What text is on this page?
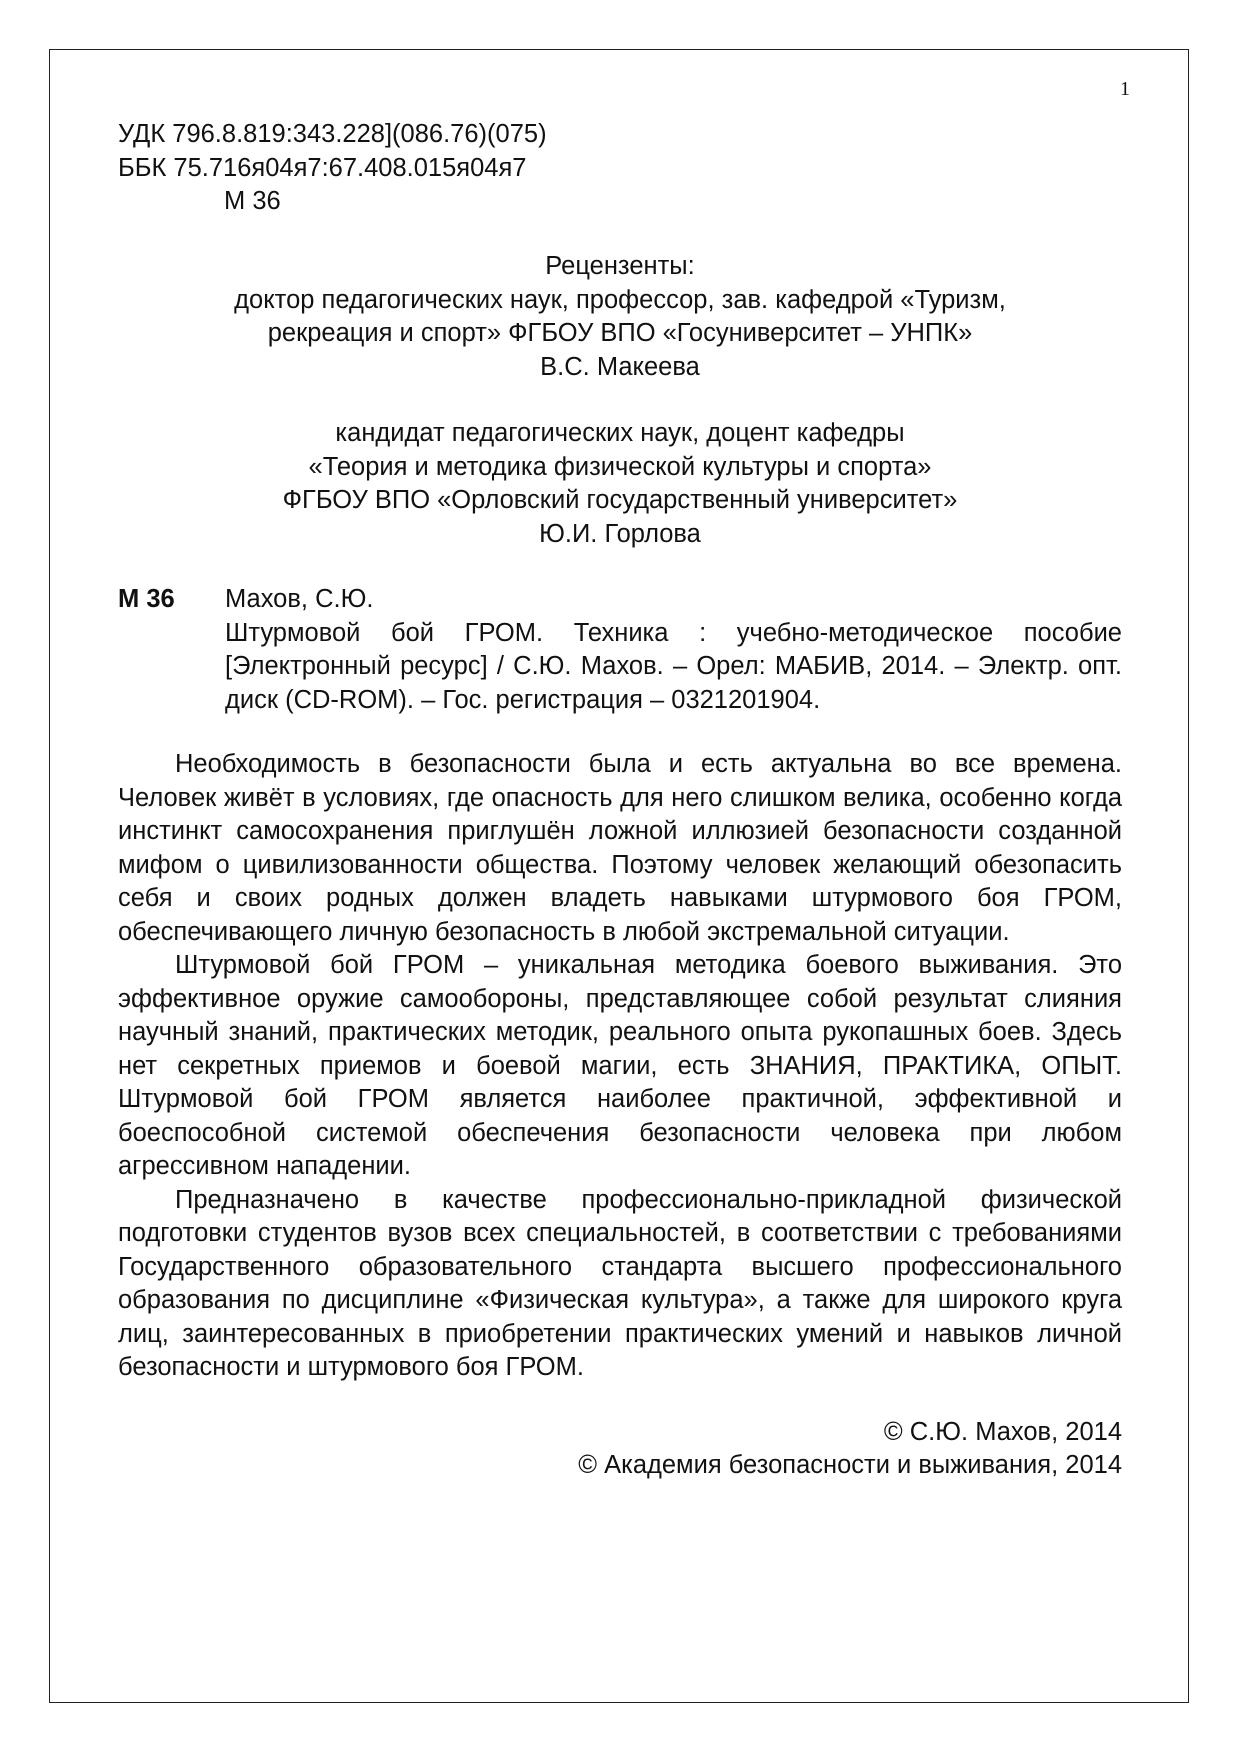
1
УДК 796.8.819:343.228](086.76)(075)
ББК 75.716я04я7:67.408.015я04я7
М 36
Рецензенты:
доктор педагогических наук, профессор, зав. кафедрой «Туризм,
рекреация и спорт» ФГБОУ ВПО «Госуниверситет – УНПК»
В.С. Макеева
кандидат педагогических наук, доцент кафедры
«Теория и методика физической культуры и спорта»
ФГБОУ ВПО «Орловский государственный университет»
Ю.И. Горлова
М 36	Махов, С.Ю.
Штурмовой бой ГРОМ. Техника : учебно-методическое пособие [Электронный ресурс] / С.Ю. Махов. – Орел: МАБИВ, 2014. – Электр. опт. диск (CD-ROM). – Гос. регистрация – 0321201904.
Необходимость в безопасности была и есть актуальна во все времена. Человек живёт в условиях, где опасность для него слишком велика, особенно когда инстинкт самосохранения приглушён ложной иллюзией безопасности созданной мифом о цивилизованности общества. Поэтому человек желающий обезопасить себя и своих родных должен владеть навыками штурмового боя ГРОМ, обеспечивающего личную безопасность в любой экстремальной ситуации.
Штурмовой бой ГРОМ – уникальная методика боевого выживания. Это эффективное оружие самообороны, представляющее собой результат слияния научный знаний, практических методик, реального опыта рукопашных боев. Здесь нет секретных приемов и боевой магии, есть ЗНАНИЯ, ПРАКТИКА, ОПЫТ. Штурмовой бой ГРОМ является наиболее практичной, эффективной и боеспособной системой обеспечения безопасности человека при любом агрессивном нападении.
Предназначено в качестве профессионально-прикладной физической подготовки студентов вузов всех специальностей, в соответствии с требованиями Государственного образовательного стандарта высшего профессионального образования по дисциплине «Физическая культура», а также для широкого круга лиц, заинтересованных в приобретении практических умений и навыков личной безопасности и штурмового боя ГРОМ.
© С.Ю. Махов, 2014
© Академия безопасности и выживания, 2014
